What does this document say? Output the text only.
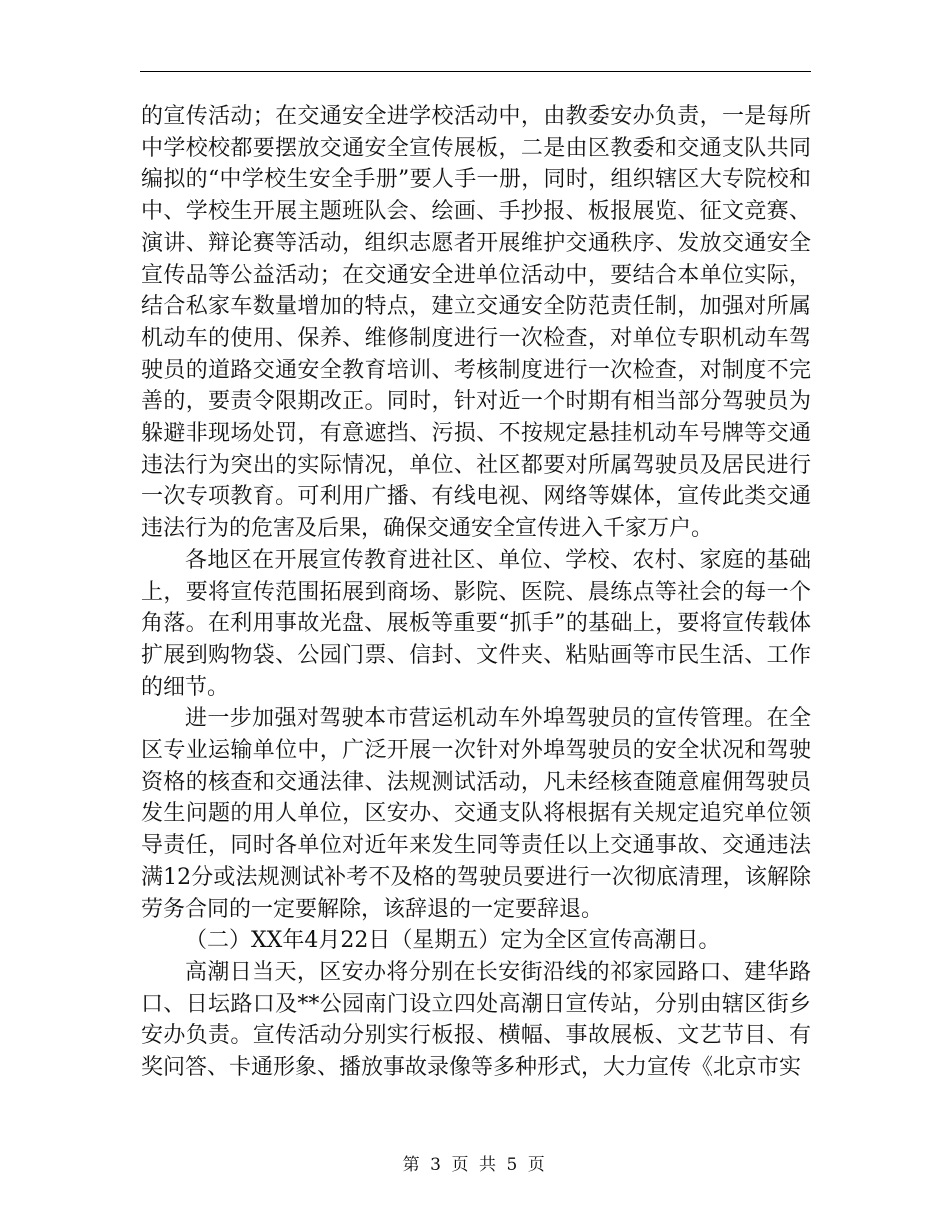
的宣传活动；在交通安全进学校活动中，由教委安办负责，一是每所中学校校都要摆放交通安全宣传展板，二是由区教委和交通支队共同编拟的“中学校生安全手册”要人手一册，同时，组织辖区大专院校和中、学校生开展主题班队会、绘画、手抄报、板报展览、征文竞赛、演讲、辩论赛等活动，组织志愿者开展维护交通秩序、发放交通安全宣传品等公益活动；在交通安全进单位活动中，要结合本单位实际，结合私家车数量增加的特点，建立交通安全防范责任制，加强对所属机动车的使用、保养、维修制度进行一次检查，对单位专职机动车驾驶员的道路交通安全教育培训、考核制度进行一次检查，对制度不完善的，要责令限期改正。同时，针对近一个时期有相当部分驾驶员为躲避非现场处罚，有意遮挡、污损、不按规定悬挂机动车号牌等交通违法行为突出的实际情况，单位、社区都要对所属驾驶员及居民进行一次专项教育。可利用广播、有线电视、网络等媒体，宣传此类交通违法行为的危害及后果，确保交通安全宣传进入千家万户。

各地区在开展宣传教育进社区、单位、学校、农村、家庭的基础上，要将宣传范围拓展到商场、影院、医院、晨练点等社会的每一个角落。在利用事故光盘、展板等重要“抓手”的基础上，要将宣传载体扩展到购物袋、公园门票、信封、文件夹、粘贴画等市民生活、工作的细节。

进一步加强对驾驶本市营运机动车外埠驾驶员的宣传管理。在全区专业运输单位中，广泛开展一次针对外埠驾驶员的安全状况和驾驶资格的核查和交通法律、法规测试活动，凡未经核查随意雇佣驾驶员发生问题的用人单位，区安办、交通支队将根据有关规定追究单位领导责任，同时各单位对近年来发生同等责任以上交通事故、交通违法满12分或法规测试补考不及格的驾驶员要进行一次彻底清理，该解除劳务合同的一定要解除，该辞退的一定要辞退。

（二）XX年4月22日（星期五）定为全区宣传高潮日。

高潮日当天，区安办将分别在长安街沿线的祁家园路口、建华路口、日坛路口及**公园南门设立四处高潮日宣传站，分别由辖区街乡安办负责。宣传活动分别实行板报、横幅、事故展板、文艺节目、有奖问答、卡通形象、播放事故录像等多种形式，大力宣传《北京市实

第 3 页 共 5 页
